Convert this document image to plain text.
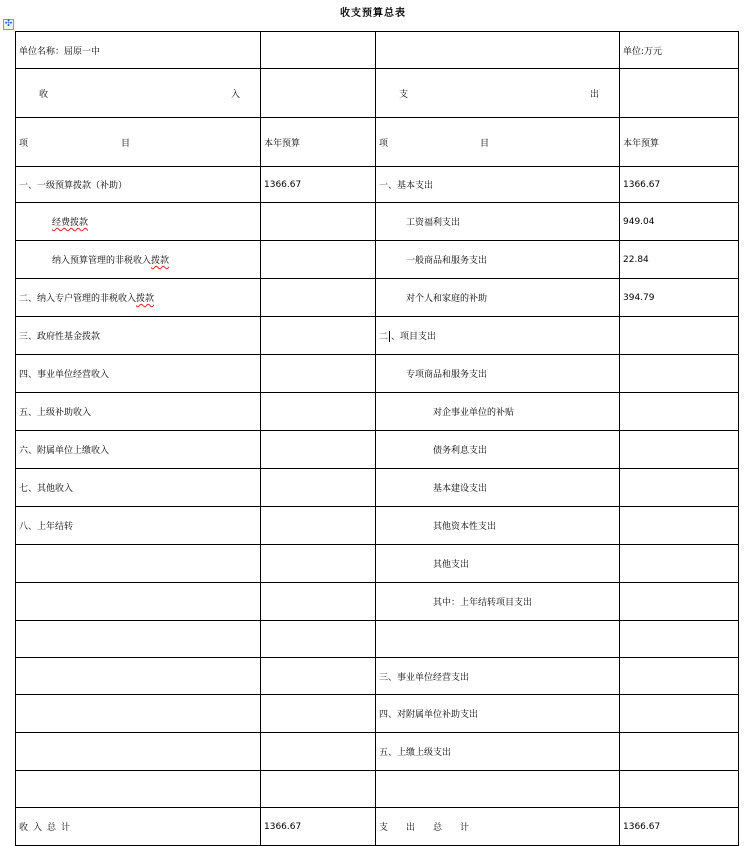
✣
收支预算总表
单位名称：屈原一中			单位:万元

收 入		支 出	

项 目	本年预算	项 目	本年预算
一、一级预算拨款（补助）	1366.67	一、基本支出	1366.67
经费拨款		工资福利支出	949.04
纳入预算管理的非税收入拨款		一般商品和服务支出	22.84
二、纳入专户管理的非税收入拨款		对个人和家庭的补助	394.79
三、政府性基金拨款		二 、项目支出	
四、事业单位经营收入		专项商品和服务支出	
五、上级补助收入		对企事业单位的补贴	
六、附属单位上缴收入		债务利息支出	
七、其他收入		基本建设支出	
八、上年结转		其他资本性支出	
		其他支出	
		其中：上年结转项目支出	

		三、事业单位经营支出	
		四、对附属单位补助支出	
		五、上缴上级支出	

收 入 总 计	1366.67	支 出 总 计	1366.67
